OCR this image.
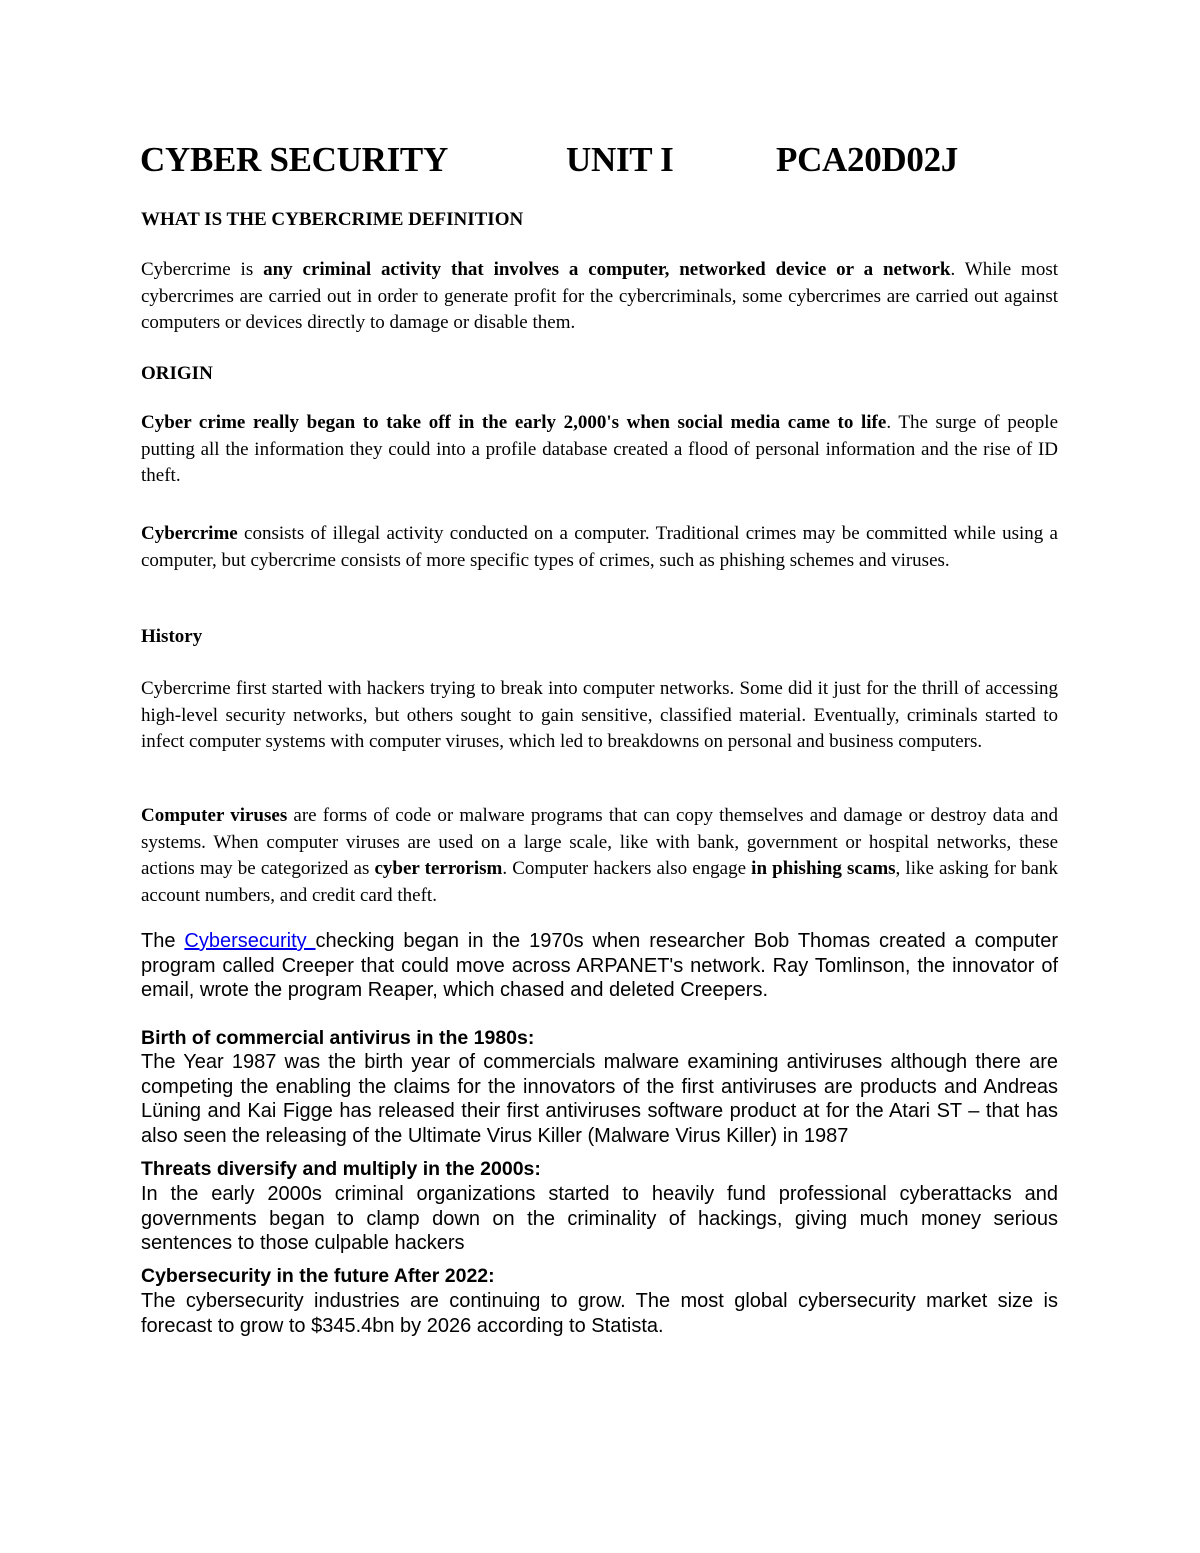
CYBER SECURITY	UNIT I	PCA20D02J
WHAT IS THE CYBERCRIME DEFINITION
Cybercrime is any criminal activity that involves a computer, networked device or a network. While most cybercrimes are carried out in order to generate profit for the cybercriminals, some cybercrimes are carried out against computers or devices directly to damage or disable them.
ORIGIN
Cyber crime really began to take off in the early 2,000's when social media came to life. The surge of people putting all the information they could into a profile database created a flood of personal information and the rise of ID theft.
Cybercrime consists of illegal activity conducted on a computer. Traditional crimes may be committed while using a computer, but cybercrime consists of more specific types of crimes, such as phishing schemes and viruses.
History
Cybercrime first started with hackers trying to break into computer networks. Some did it just for the thrill of accessing high-level security networks, but others sought to gain sensitive, classified material. Eventually, criminals started to infect computer systems with computer viruses, which led to breakdowns on personal and business computers.
Computer viruses are forms of code or malware programs that can copy themselves and damage or destroy data and systems. When computer viruses are used on a large scale, like with bank, government or hospital networks, these actions may be categorized as cyber terrorism. Computer hackers also engage in phishing scams, like asking for bank account numbers, and credit card theft.
The Cybersecurity checking began in the 1970s when researcher Bob Thomas created a computer program called Creeper that could move across ARPANET's network. Ray Tomlinson, the innovator of email, wrote the program Reaper, which chased and deleted Creepers.
Birth of commercial antivirus in the 1980s:
The Year 1987 was the birth year of commercials malware examining antiviruses although there are competing the enabling the claims for the innovators of the first antiviruses are products and Andreas Lüning and Kai Figge has released their first antiviruses software product at for the Atari ST – that has also seen the releasing of the Ultimate Virus Killer (Malware Virus Killer) in 1987
Threats diversify and multiply in the 2000s:
In the early 2000s criminal organizations started to heavily fund professional cyberattacks and governments began to clamp down on the criminality of hackings, giving much money serious sentences to those culpable hackers
Cybersecurity in the future After 2022:
The cybersecurity industries are continuing to grow. The most global cybersecurity market size is forecast to grow to $345.4bn by 2026 according to Statista.
